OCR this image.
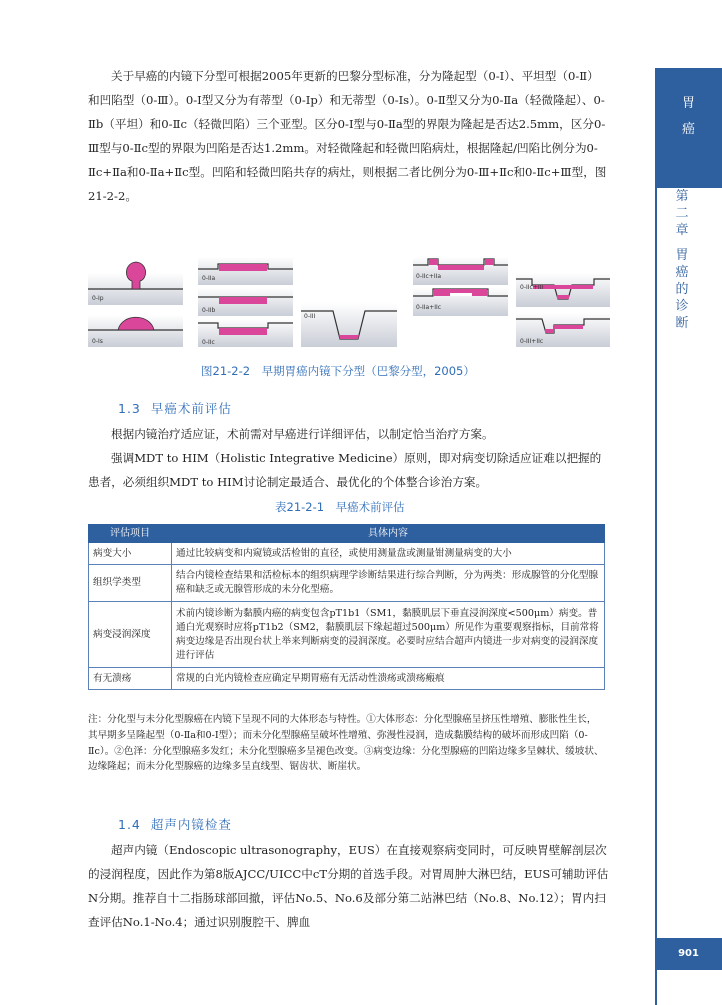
胃
癌
第
二
章

胃
癌
的
诊
断
901

关于早癌的内镜下分型可根据2005年更新的巴黎分型标准，分为隆起型（0-Ⅰ）、平坦型（0-Ⅱ）和凹陷型（0-Ⅲ）。0-Ⅰ型又分为有蒂型（0-Ⅰp）和无蒂型（0-Ⅰs）。0-Ⅱ型又分为0-Ⅱa（轻微隆起）、0-Ⅱb（平坦）和0-Ⅱc（轻微凹陷）三个亚型。区分0-Ⅰ型与0-Ⅱa型的界限为隆起是否达2.5mm，区分0-Ⅲ型与0-Ⅱc型的界限为凹陷是否达1.2mm。对轻微隆起和轻微凹陷病灶，根据隆起/凹陷比例分为0-Ⅱc+Ⅱa和0-Ⅱa+Ⅱc型。凹陷和轻微凹陷共存的病灶，则根据二者比例分为0-Ⅲ+Ⅱc和0-Ⅱc+Ⅲ型，图21-2-2。

0-Ip
0-Is
0-IIa
0-IIb
0-IIc
0-III
0-IIc+IIa
0-IIa+IIc
0-IIc+III
0-III+IIc
图21-2-2　早期胃癌内镜下分型（巴黎分型，2005）
1.3 早癌术前评估

根据内镜治疗适应证，术前需对早癌进行详细评估，以制定恰当治疗方案。

强调MDT to HIM（Holistic Integrative Medicine）原则，即对病变切除适应证难以把握的患者，必须组织MDT to HIM讨论制定最适合、最优化的个体整合诊治方案。

表21-2-1　早癌术前评估
评估项目	具体内容
病变大小	通过比较病变和内窥镜或活检钳的直径，或使用测量盘或测量钳测量病变的大小
组织学类型	结合内镜检查结果和活检标本的组织病理学诊断结果进行综合判断，分为两类：形成腺管的分化型腺癌和缺乏或无腺管形成的未分化型癌。
病变浸润深度	术前内镜诊断为黏膜内癌的病变包含pT1b1（SM1，黏膜肌层下垂直浸润深度<500μm）病变。普通白光观察时应将pT1b2（SM2，黏膜肌层下缘起超过500μm）所见作为重要观察指标，目前常将病变边缘是否出现台状上举来判断病变的浸润深度。必要时应结合超声内镜进一步对病变的浸润深度进行评估
有无溃疡	常规的白光内镜检查应确定早期胃癌有无活动性溃疡或溃疡瘢痕

注：分化型与未分化型腺癌在内镜下呈现不同的大体形态与特性。①大体形态：分化型腺癌呈挤压性增殖、膨胀性生长，其早期多呈隆起型（0-Ⅱa和0-Ⅰ型）；而未分化型腺癌呈破坏性增殖、弥漫性浸润，造成黏膜结构的破坏而形成凹陷（0-Ⅱc）。②色泽：分化型腺癌多发红；未分化型腺癌多呈褪色改变。③病变边缘：分化型腺癌的凹陷边缘多呈棘状、缓坡状、边缘隆起；而未分化型腺癌的边缘多呈直线型、锯齿状、断崖状。

1.4 超声内镜检查

超声内镜（Endoscopic ultrasonography，EUS）在直接观察病变同时，可反映胃壁解剖层次的浸润程度，因此作为第8版AJCC/UICC中cT分期的首选手段。对胃周肿大淋巴结，EUS可辅助评估N分期。推荐自十二指肠球部回撤，评估No.5、No.6及部分第二站淋巴结（No.8、No.12）；胃内扫查评估No.1-No.4；通过识别腹腔干、脾血
